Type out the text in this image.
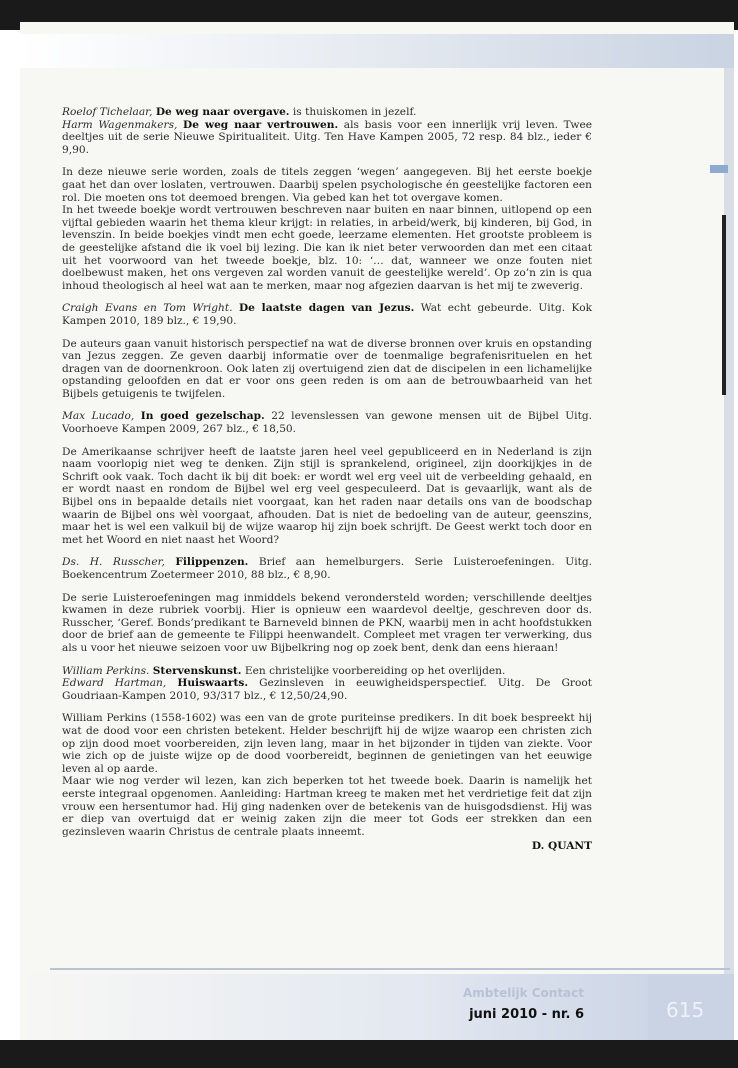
Ambtelijk Contact
juni 2010 - nr. 6	615

Roelof Tichelaar, De weg naar overgave. is thuiskomen in jezelf.

Harm Wagenmakers, De weg naar vertrouwen. als basis voor een innerlijk vrij leven. Twee deeltjes uit de serie Nieuwe Spiritualiteit. Uitg. Ten Have Kampen 2005, 72 resp. 84 blz., ieder € 9,90.

In deze nieuwe serie worden, zoals de titels zeggen ‘wegen’ aangegeven. Bij het eerste boekje gaat het dan over loslaten, vertrouwen. Daarbij spelen psychologische én geestelijke factoren een rol. Die moeten ons tot deemoed brengen. Via gebed kan het tot overgave komen.

In het tweede boekje wordt vertrouwen beschreven naar buiten en naar binnen, uitlopend op een vijftal gebieden waarin het thema kleur krijgt: in relaties, in arbeid/werk, bij kinderen, bij God, in levenszin. In beide boekjes vindt men echt goede, leerzame elementen. Het grootste probleem is de geestelijke afstand die ik voel bij lezing. Die kan ik niet beter verwoorden dan met een citaat uit het voorwoord van het tweede boekje, blz. 10: ‘… dat, wanneer we onze fouten niet doelbewust maken, het ons vergeven zal worden vanuit de geestelijke wereld’. Op zo’n zin is qua inhoud theologisch al heel wat aan te merken, maar nog afgezien daarvan is het mij te zweverig.

Craigh Evans en Tom Wright. De laatste dagen van Jezus. Wat echt gebeurde. Uitg. Kok Kampen 2010, 189 blz., € 19,90.

De auteurs gaan vanuit historisch perspectief na wat de diverse bronnen over kruis en opstanding van Jezus zeggen. Ze geven daarbij informatie over de toenmalige begrafenisrituelen en het dragen van de doornenkroon. Ook laten zij overtuigend zien dat de discipelen in een lichamelijke opstanding geloofden en dat er voor ons geen reden is om aan de betrouwbaarheid van het Bijbels getuigenis te twijfelen.

Max Lucado, In goed gezelschap. 22 levenslessen van gewone mensen uit de Bijbel Uitg. Voorhoeve Kampen 2009, 267 blz., € 18,50.

De Amerikaanse schrijver heeft de laatste jaren heel veel gepubliceerd en in Nederland is zijn naam voorlopig niet weg te denken. Zijn stijl is sprankelend, origineel, zijn doorkijkjes in de Schrift ook vaak. Toch dacht ik bij dit boek: er wordt wel erg veel uit de verbeelding gehaald, en er wordt naast en rondom de Bijbel wel erg veel gespeculeerd. Dat is gevaarlijk, want als de Bijbel ons in bepaalde details niet voorgaat, kan het raden naar details ons van de boodschap waarin de Bijbel ons wèl voorgaat, afhouden. Dat is niet de bedoeling van de auteur, geenszins, maar het is wel een valkuil bij de wijze waarop hij zijn boek schrijft. De Geest werkt toch door en met het Woord en niet naast het Woord?

Ds. H. Russcher, Filippenzen. Brief aan hemelburgers. Serie Luisteroefeningen. Uitg. Boekencentrum Zoetermeer 2010, 88 blz., € 8,90.

De serie Luisteroefeningen mag inmiddels bekend verondersteld worden; verschillende deeltjes kwamen in deze rubriek voorbij. Hier is opnieuw een waardevol deeltje, geschreven door ds. Russcher, ‘Geref. Bonds’predikant te Barneveld binnen de PKN, waarbij men in acht hoofdstukken door de brief aan de gemeente te Filippi heenwandelt. Compleet met vragen ter verwerking, dus als u voor het nieuwe seizoen voor uw Bijbelkring nog op zoek bent, denk dan eens hieraan!

William Perkins. Stervenskunst. Een christelijke voorbereiding op het overlijden.

Edward Hartman, Huiswaarts. Gezinsleven in eeuwigheidsperspectief. Uitg. De Groot Goudriaan-Kampen 2010, 93/317 blz., € 12,50/24,90.

William Perkins (1558-1602) was een van de grote puriteinse predikers. In dit boek bespreekt hij wat de dood voor een christen betekent. Helder beschrijft hij de wijze waarop een christen zich op zijn dood moet voorbereiden, zijn leven lang, maar in het bijzonder in tijden van ziekte. Voor wie zich op de juiste wijze op de dood voorbereidt, beginnen de genietingen van het eeuwige leven al op aarde.

Maar wie nog verder wil lezen, kan zich beperken tot het tweede boek. Daarin is namelijk het eerste integraal opgenomen. Aanleiding: Hartman kreeg te maken met het verdrietige feit dat zijn vrouw een hersentumor had. Hij ging nadenken over de betekenis van de huisgodsdienst. Hij was er diep van overtuigd dat er weinig zaken zijn die meer tot Gods eer strekken dan een gezinsleven waarin Christus de centrale plaats inneemt.

D. QUANT
